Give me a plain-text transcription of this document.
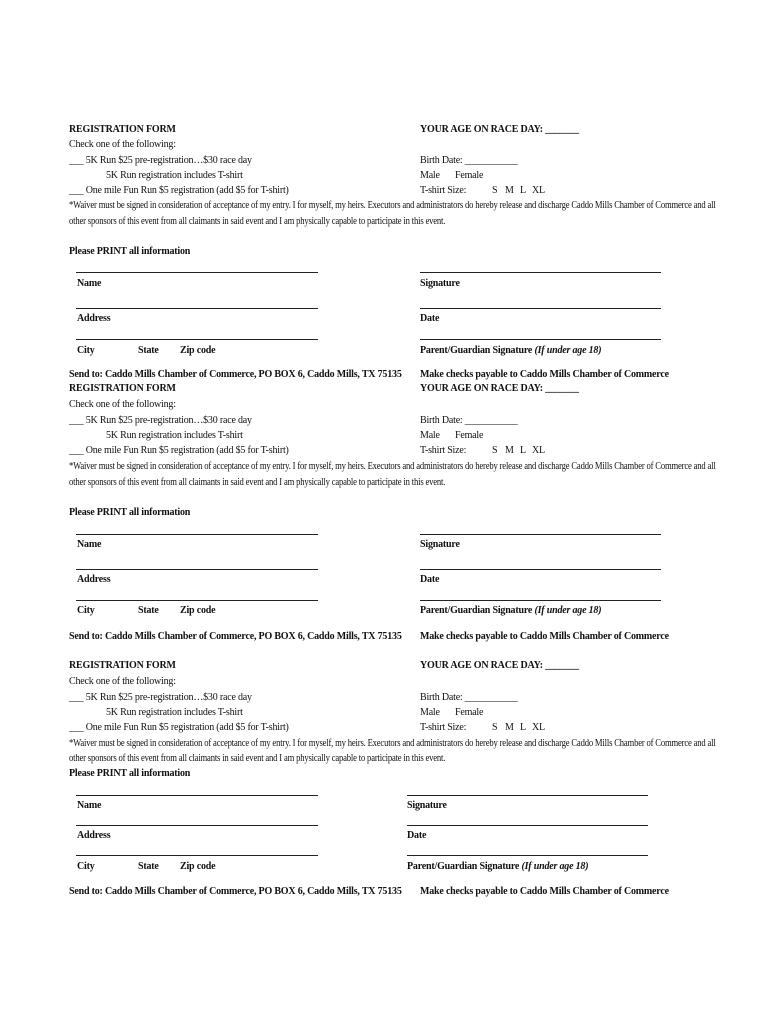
REGISTRATION FORM	YOUR AGE ON RACE DAY: _______
Check one of the following:
___ 5K Run $25 pre-registration…$30 race day
5K Run registration includes T-shirt
___ One mile Fun Run $5 registration (add $5 for T-shirt)
Birth Date: ___________
Male Female
T-shirt Size:	S M L XL
*Waiver must be signed in consideration of acceptance of my entry. I for myself, my heirs. Executors and administrators do hereby release and discharge Caddo Mills Chamber of Commerce and all
other sponsors of this event from all claimants in said event and I am physically capable to participate in this event.
Please PRINT all information
Name	Signature
Address	Date
City	State Zip code	Parent/Guardian Signature (If under age 18)
Send to: Caddo Mills Chamber of Commerce, PO BOX 6, Caddo Mills, TX 75135 Make checks payable to Caddo Mills Chamber of Commerce
REGISTRATION FORM	YOUR AGE ON RACE DAY: _______
Check one of the following:
___ 5K Run $25 pre-registration…$30 race day
5K Run registration includes T-shirt
___ One mile Fun Run $5 registration (add $5 for T-shirt)
Birth Date: ___________
Male Female
T-shirt Size:	S M L XL
*Waiver must be signed in consideration of acceptance of my entry. I for myself, my heirs. Executors and administrators do hereby release and discharge Caddo Mills Chamber of Commerce and all
other sponsors of this event from all claimants in said event and I am physically capable to participate in this event.
Please PRINT all information
Name	Signature
Address	Date
City	State Zip code	Parent/Guardian Signature (If under age 18)
Send to: Caddo Mills Chamber of Commerce, PO BOX 6, Caddo Mills, TX 75135 Make checks payable to Caddo Mills Chamber of Commerce
REGISTRATION FORM	YOUR AGE ON RACE DAY: _______
Check one of the following:
___ 5K Run $25 pre-registration…$30 race day
5K Run registration includes T-shirt
___ One mile Fun Run $5 registration (add $5 for T-shirt)
Birth Date: ___________
Male Female
T-shirt Size:	S M L XL
*Waiver must be signed in consideration of acceptance of my entry. I for myself, my heirs. Executors and administrators do hereby release and discharge Caddo Mills Chamber of Commerce and all
other sponsors of this event from all claimants in said event and I am physically capable to participate in this event.
Please PRINT all information
Name	Signature
Address	Date
City	State Zip code	Parent/Guardian Signature (If under age 18)
Send to: Caddo Mills Chamber of Commerce, PO BOX 6, Caddo Mills, TX 75135 Make checks payable to Caddo Mills Chamber of Commerce
